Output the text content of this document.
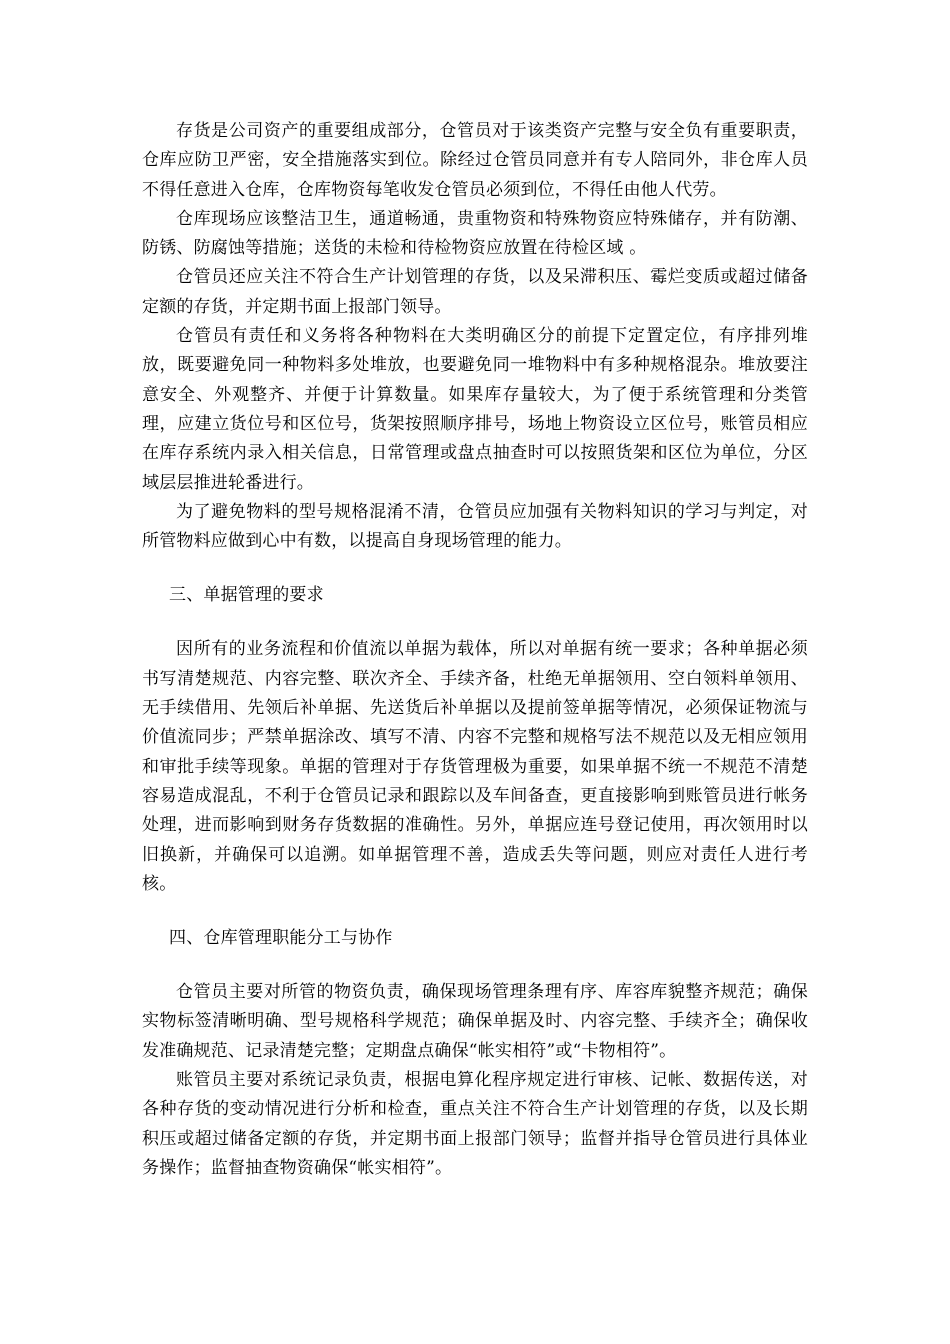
存货是公司资产的重要组成部分，仓管员对于该类资产完整与安全负有重要职责，仓库应防卫严密，安全措施落实到位。除经过仓管员同意并有专人陪同外，非仓库人员不得任意进入仓库，仓库物资每笔收发仓管员必须到位，不得任由他人代劳。

仓库现场应该整洁卫生，通道畅通，贵重物资和特殊物资应特殊储存，并有防潮、防锈、防腐蚀等措施；送货的未检和待检物资应放置在待检区域 。

仓管员还应关注不符合生产计划管理的存货，以及呆滞积压、霉烂变质或超过储备定额的存货，并定期书面上报部门领导。

仓管员有责任和义务将各种物料在大类明确区分的前提下定置定位，有序排列堆放，既要避免同一种物料多处堆放，也要避免同一堆物料中有多种规格混杂。堆放要注意安全、外观整齐、并便于计算数量。如果库存量较大，为了便于系统管理和分类管理，应建立货位号和区位号，货架按照顺序排号，场地上物资设立区位号，账管员相应在库存系统内录入相关信息，日常管理或盘点抽查时可以按照货架和区位为单位，分区域层层推进轮番进行。

为了避免物料的型号规格混淆不清，仓管员应加强有关物料知识的学习与判定，对所管物料应做到心中有数，以提高自身现场管理的能力。

三、单据管理的要求

因所有的业务流程和价值流以单据为载体，所以对单据有统一要求；各种单据必须书写清楚规范、内容完整、联次齐全、手续齐备，杜绝无单据领用、空白领料单领用、无手续借用、先领后补单据、先送货后补单据以及提前签单据等情况，必须保证物流与价值流同步；严禁单据涂改、填写不清、内容不完整和规格写法不规范以及无相应领用和审批手续等现象。单据的管理对于存货管理极为重要，如果单据不统一不规范不清楚容易造成混乱，不利于仓管员记录和跟踪以及车间备查，更直接影响到账管员进行帐务处理，进而影响到财务存货数据的准确性。另外，单据应连号登记使用，再次领用时以旧换新，并确保可以追溯。如单据管理不善，造成丢失等问题，则应对责任人进行考核。

四、仓库管理职能分工与协作

仓管员主要对所管的物资负责，确保现场管理条理有序、库容库貌整齐规范；确保实物标签清晰明确、型号规格科学规范；确保单据及时、内容完整、手续齐全；确保收发准确规范、记录清楚完整；定期盘点确保“帐实相符”或“卡物相符”。

账管员主要对系统记录负责，根据电算化程序规定进行审核、记帐、数据传送，对各种存货的变动情况进行分析和检查，重点关注不符合生产计划管理的存货，以及长期积压或超过储备定额的存货，并定期书面上报部门领导；监督并指导仓管员进行具体业务操作；监督抽查物资确保“帐实相符”。
